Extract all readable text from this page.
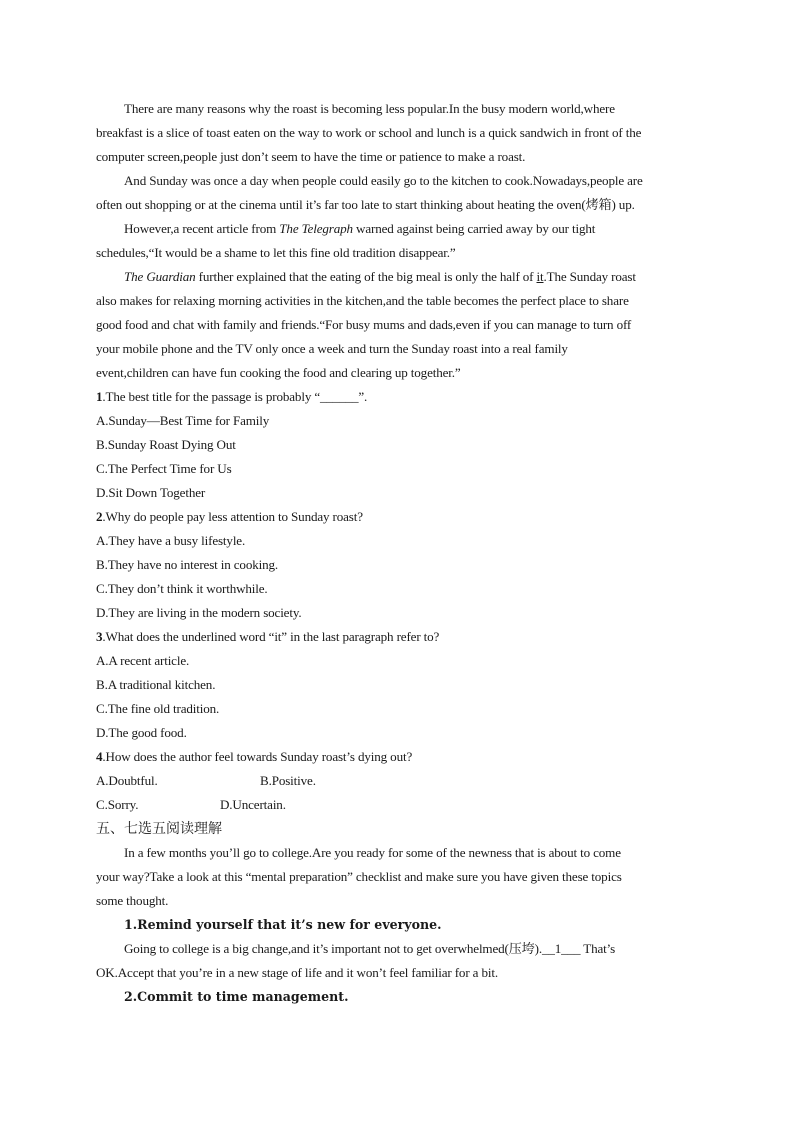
There are many reasons why the roast is becoming less popular.In the busy modern world,where
breakfast is a slice of toast eaten on the way to work or school and lunch is a quick sandwich in front of the
computer screen,people just don’t seem to have the time or patience to make a roast.
And Sunday was once a day when people could easily go to the kitchen to cook.Nowadays,people are
often out shopping or at the cinema until it’s far too late to start thinking about heating the oven(烤箱) up.
However,a recent article from The Telegraph warned against being carried away by our tight
schedules,“It would be a shame to let this fine old tradition disappear.”
The Guardian further explained that the eating of the big meal is only the half of it.The Sunday roast
also makes for relaxing morning activities in the kitchen,and the table becomes the perfect place to share
good food and chat with family and friends.“For busy mums and dads,even if you can manage to turn off
your mobile phone and the TV only once a week and turn the Sunday roast into a real family
event,children can have fun cooking the food and clearing up together.”
1.The best title for the passage is probably “______”.
A.Sunday—Best Time for Family
B.Sunday Roast Dying Out
C.The Perfect Time for Us
D.Sit Down Together
2.Why do people pay less attention to Sunday roast?
A.They have a busy lifestyle.
B.They have no interest in cooking.
C.They don’t think it worthwhile.
D.They are living in the modern society.
3.What does the underlined word “it” in the last paragraph refer to?
A.A recent article.
B.A traditional kitchen.
C.The fine old tradition.
D.The good food.
4.How does the author feel towards Sunday roast’s dying out?
A.Doubtful.	B.Positive.
C.Sorry.	D.Uncertain.
五、七选五阅读理解
In a few months you’ll go to college.Are you ready for some of the newness that is about to come
your way?Take a look at this “mental preparation” checklist and make sure you have given these topics
some thought.
1.Remind yourself that it’s new for everyone.
Going to college is a big change,and it’s important not to get overwhelmed(压垮).__1___ That’s
OK.Accept that you’re in a new stage of life and it won’t feel familiar for a bit.
2.Commit to time management.
